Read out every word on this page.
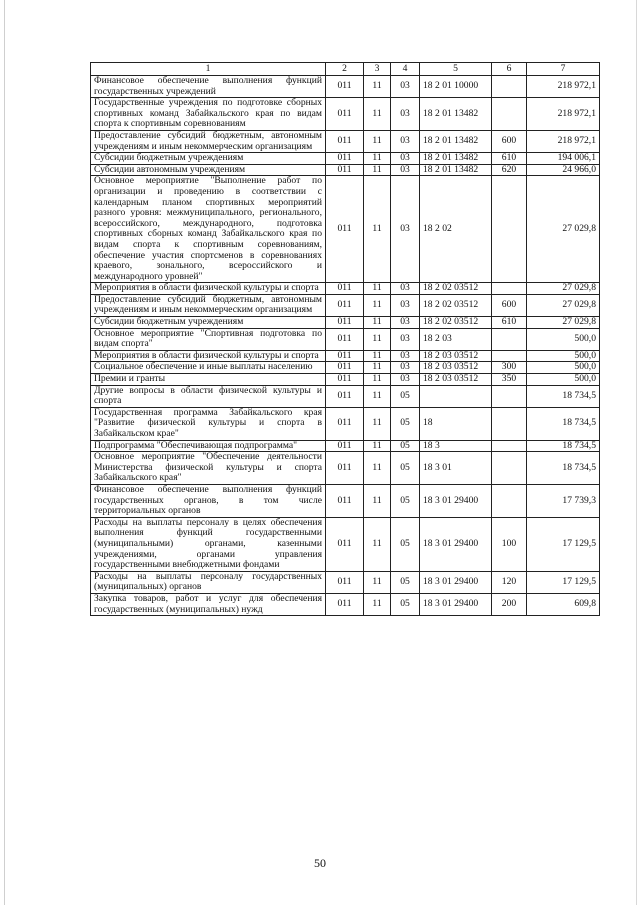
1	2	3	4	5	6	7
Финансовое обеспечение выполнения функций государственных учреждений	011	11	03	18 2 01 10000		218 972,1
Государственные учреждения по подготовке сборных спортивных команд Забайкальского края по видам спорта к спортивным соревнованиям	011	11	03	18 2 01 13482		218 972,1
Предоставление субсидий бюджетным, автономным учреждениям и иным некоммерческим организациям	011	11	03	18 2 01 13482	600	218 972,1
Субсидии бюджетным учреждениям	011	11	03	18 2 01 13482	610	194 006,1
Субсидии автономным учреждениям	011	11	03	18 2 01 13482	620	24 966,0
Основное мероприятие "Выполнение работ по организации и проведению в соответствии с календарным планом спортивных мероприятий разного уровня: межмуниципального, регионального, всероссийского, международного, подготовка спортивных сборных команд Забайкальского края по видам спорта к спортивным соревнованиям, обеспечение участия спортсменов в соревнованиях краевого, зонального, всероссийского и международного уровней"	011	11	03	18 2 02		27 029,8
Мероприятия в области физической культуры и спорта	011	11	03	18 2 02 03512		27 029,8
Предоставление субсидий бюджетным, автономным учреждениям и иным некоммерческим организациям	011	11	03	18 2 02 03512	600	27 029,8
Субсидии бюджетным учреждениям	011	11	03	18 2 02 03512	610	27 029,8
Основное мероприятие "Спортивная подготовка по видам спорта"	011	11	03	18 2 03		500,0
Мероприятия в области физической культуры и спорта	011	11	03	18 2 03 03512		500,0
Социальное обеспечение и иные выплаты населению	011	11	03	18 2 03 03512	300	500,0
Премии и гранты	011	11	03	18 2 03 03512	350	500,0
Другие вопросы в области физической культуры и спорта	011	11	05			18 734,5
Государственная программа Забайкальского края "Развитие физической культуры и спорта в Забайкальском крае"	011	11	05	18		18 734,5
Подпрограмма "Обеспечивающая подпрограмма"	011	11	05	18 3		18 734,5
Основное мероприятие "Обеспечение деятельности Министерства физической культуры и спорта Забайкальского края"	011	11	05	18 3 01		18 734,5
Финансовое обеспечение выполнения функций государственных органов, в том числе территориальных органов	011	11	05	18 3 01 29400		17 739,3
Расходы на выплаты персоналу в целях обеспечения выполнения функций государственными (муниципальными) органами, казенными учреждениями, органами управления государственными внебюджетными фондами	011	11	05	18 3 01 29400	100	17 129,5
Расходы на выплаты персоналу государственных (муниципальных) органов	011	11	05	18 3 01 29400	120	17 129,5
Закупка товаров, работ и услуг для обеспечения государственных (муниципальных) нужд	011	11	05	18 3 01 29400	200	609,8
50
